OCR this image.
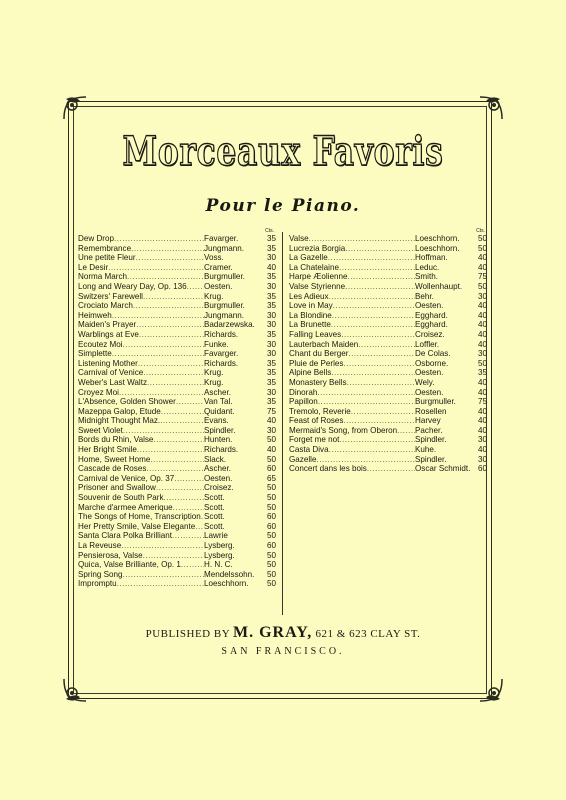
Morceaux Favoris
Pour le Piano.
Cts.
Dew Drop .....	Favarger.	35
Remembrance .....	Jungmann.	35
Une petite Fleur .....	Voss.	30
Le Desir .....	Cramer.	40
Norma March .....	Burgmuller.	35
Long and Weary Day, Op. 136 ..... Oesten.	30
Switzers' Farewell .....	Krug.	35
Crociato March .....	Burgmuller.	35
Heimweh .....	Jungmann.	30
Maiden's Prayer .....	Badarzewska.	30
Warblings at Eve .....	Richards.	35
Ecoutez Moi .....	Funke.	30
Simplette .....	Favarger.	30
Listening Mother .....	Richards.	35
Carnival of Venice .....	Krug.	35
Weber's Last Waltz .....	Krug.	35
Croyez Moi .....	Ascher.	30
L'Absence, Golden Shower .....	Van Tal.	35
Mazeppa Galop, Etude .....	Quidant.	75
Midnight Thought Maz. .....	Evans.	40
Sweet Violet .....	Spindler.	30
Bords du Rhin, Valse .....	Hunten.	50
Her Bright Smile .....	Richards.	40
Home, Sweet Home .....	Slack.	50
Cascade de Roses .....	Ascher.	60
Carnival de Venice, Op. 37 .....	Oesten.	65
Prisoner and Swallow .....	Croisez.	50
Souvenir de South Park .....	Scott.	50
Marche d'armee Amerique .....	Scott.	50
The Songs of Home, Transcription ..... Scott.	60
Her Pretty Smile, Valse Elegante ..... Scott.	60
Santa Clara Polka Brilliant .....	Lawrie	50
La Reveuse .....	Lysberg.	60
Pensierosa, Valse .....	Lysberg.	50
Quica, Valse Brilliante, Op. 1 .....	H. N. C.	50
Spring Song .....	Mendelssohn.	50
Impromptu .....	Loeschhorn.	50
Cts.
Valse .....	Loeschhorn.	50
Lucrezia Borgia .....	Loeschhorn.	50
La Gazelle .....	Hoffman.	40
La Chatelaine .....	Leduc.	40
Harpe Æolienne .....	Smith.	75
Valse Styrienne .....	Wollenhaupt.	50
Les Adieux .....	Behr.	30
Love in May .....	Oesten.	40
La Blondine .....	Egghard.	40
La Brunette .....	Egghard.	40
Falling Leaves .....	Croisez.	40
Lauterbach Maiden .....	Loffler.	40
Chant du Berger .....	De Colas.	30
Pluie de Perles .....	Osborne.	50
Alpine Bells .....	Oesten.	35
Monastery Bells .....	Wely.	40
Dinorah .....	Oesten.	40
Papillon .....	Burgmuller.	75
Tremolo, Reverie .....	Rosellen	40
Feast of Roses .....	Harvey	40
Mermaid's Song, from Oberon ..... Pacher.	40
Forget me not .....	Spindler.	30
Casta Diva .....	Kuhe.	40
Gazelle .....	Spindler.	30
Concert dans les bois .....	Oscar Schmidt. 60
PUBLISHED BY M. GRAY, 621 & 623 CLAY ST.
SAN FRANCISCO.
